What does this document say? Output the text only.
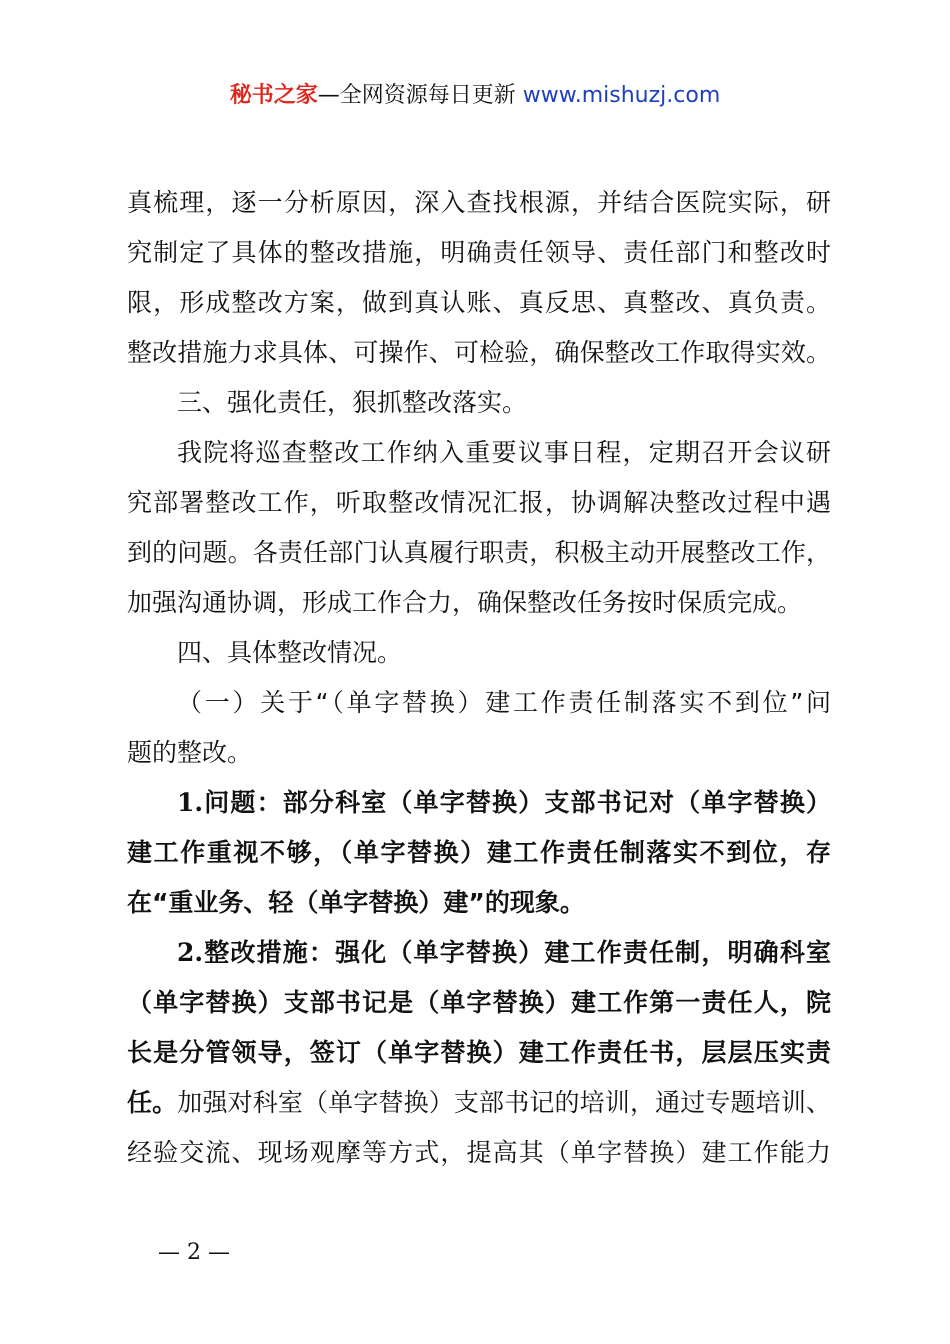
秘书之家—全网资源每日更新 www.mishuzj.com
真梳理，逐一分析原因，深入查找根源，并结合医院实际，研
究制定了具体的整改措施，明确责任领导、责任部门和整改时
限，形成整改方案，做到真认账、真反思、真整改、真负责。
整改措施力求具体、可操作、可检验，确保整改工作取得实效。
三、强化责任，狠抓整改落实。
我院将巡查整改工作纳入重要议事日程，定期召开会议研
究部署整改工作，听取整改情况汇报，协调解决整改过程中遇
到的问题。各责任部门认真履行职责，积极主动开展整改工作，
加强沟通协调，形成工作合力，确保整改任务按时保质完成。
四、具体整改情况。
（一）关于“（单字替换）建工作责任制落实不到位”问
题的整改。
1.问题：部分科室（单字替换）支部书记对（单字替换）
建工作重视不够，（单字替换）建工作责任制落实不到位，存
在“重业务、轻（单字替换）建”的现象。
2.整改措施：强化（单字替换）建工作责任制，明确科室
（单字替换）支部书记是（单字替换）建工作第一责任人，院
长是分管领导，签订（单字替换）建工作责任书，层层压实责
任。加强对科室（单字替换）支部书记的培训，通过专题培训、
经验交流、现场观摩等方式，提高其（单字替换）建工作能力
— 2 —
